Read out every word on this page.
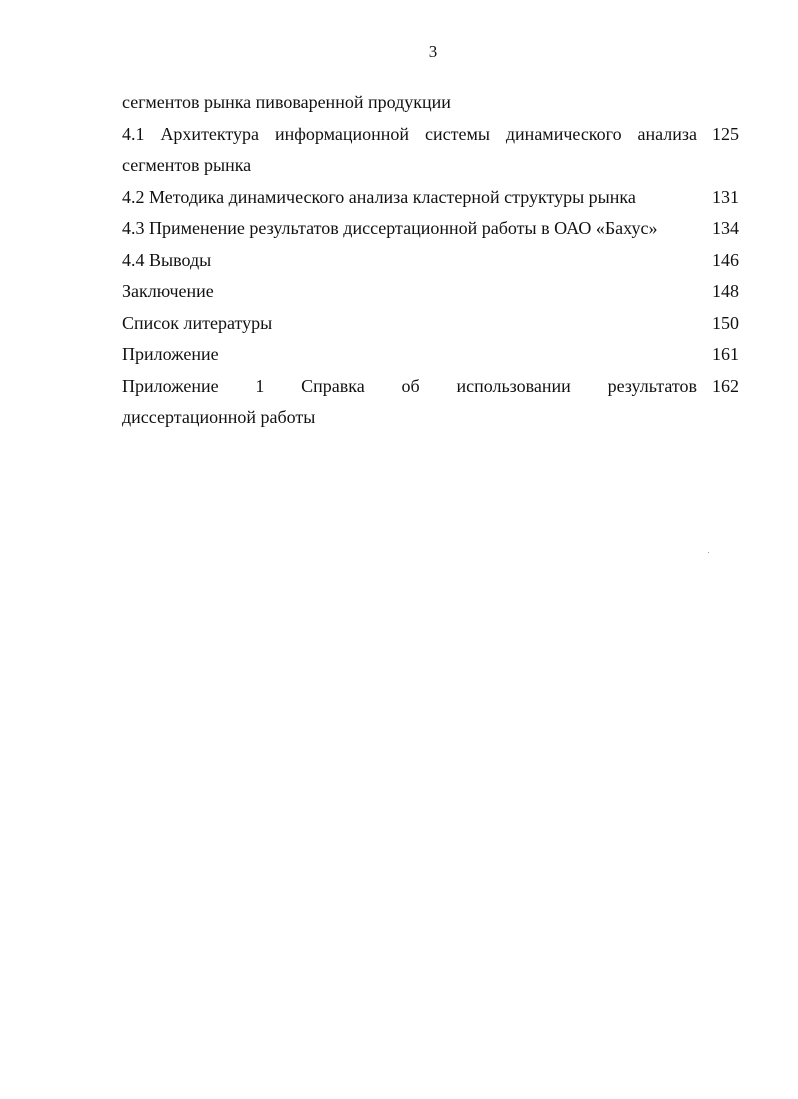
3
сегментов рынка пивоваренной продукции
4.1 Архитектура информационной системы динамического анализа 125
сегментов рынка
4.2 Методика динамического анализа кластерной структуры рынка	131
4.3 Применение результатов диссертационной работы в ОАО «Бахус»	134
4.4 Выводы	146
Заключение	148
Список литературы	150
Приложение	161
Приложение 1 Справка об использовании результатов 162
диссертационной работы
